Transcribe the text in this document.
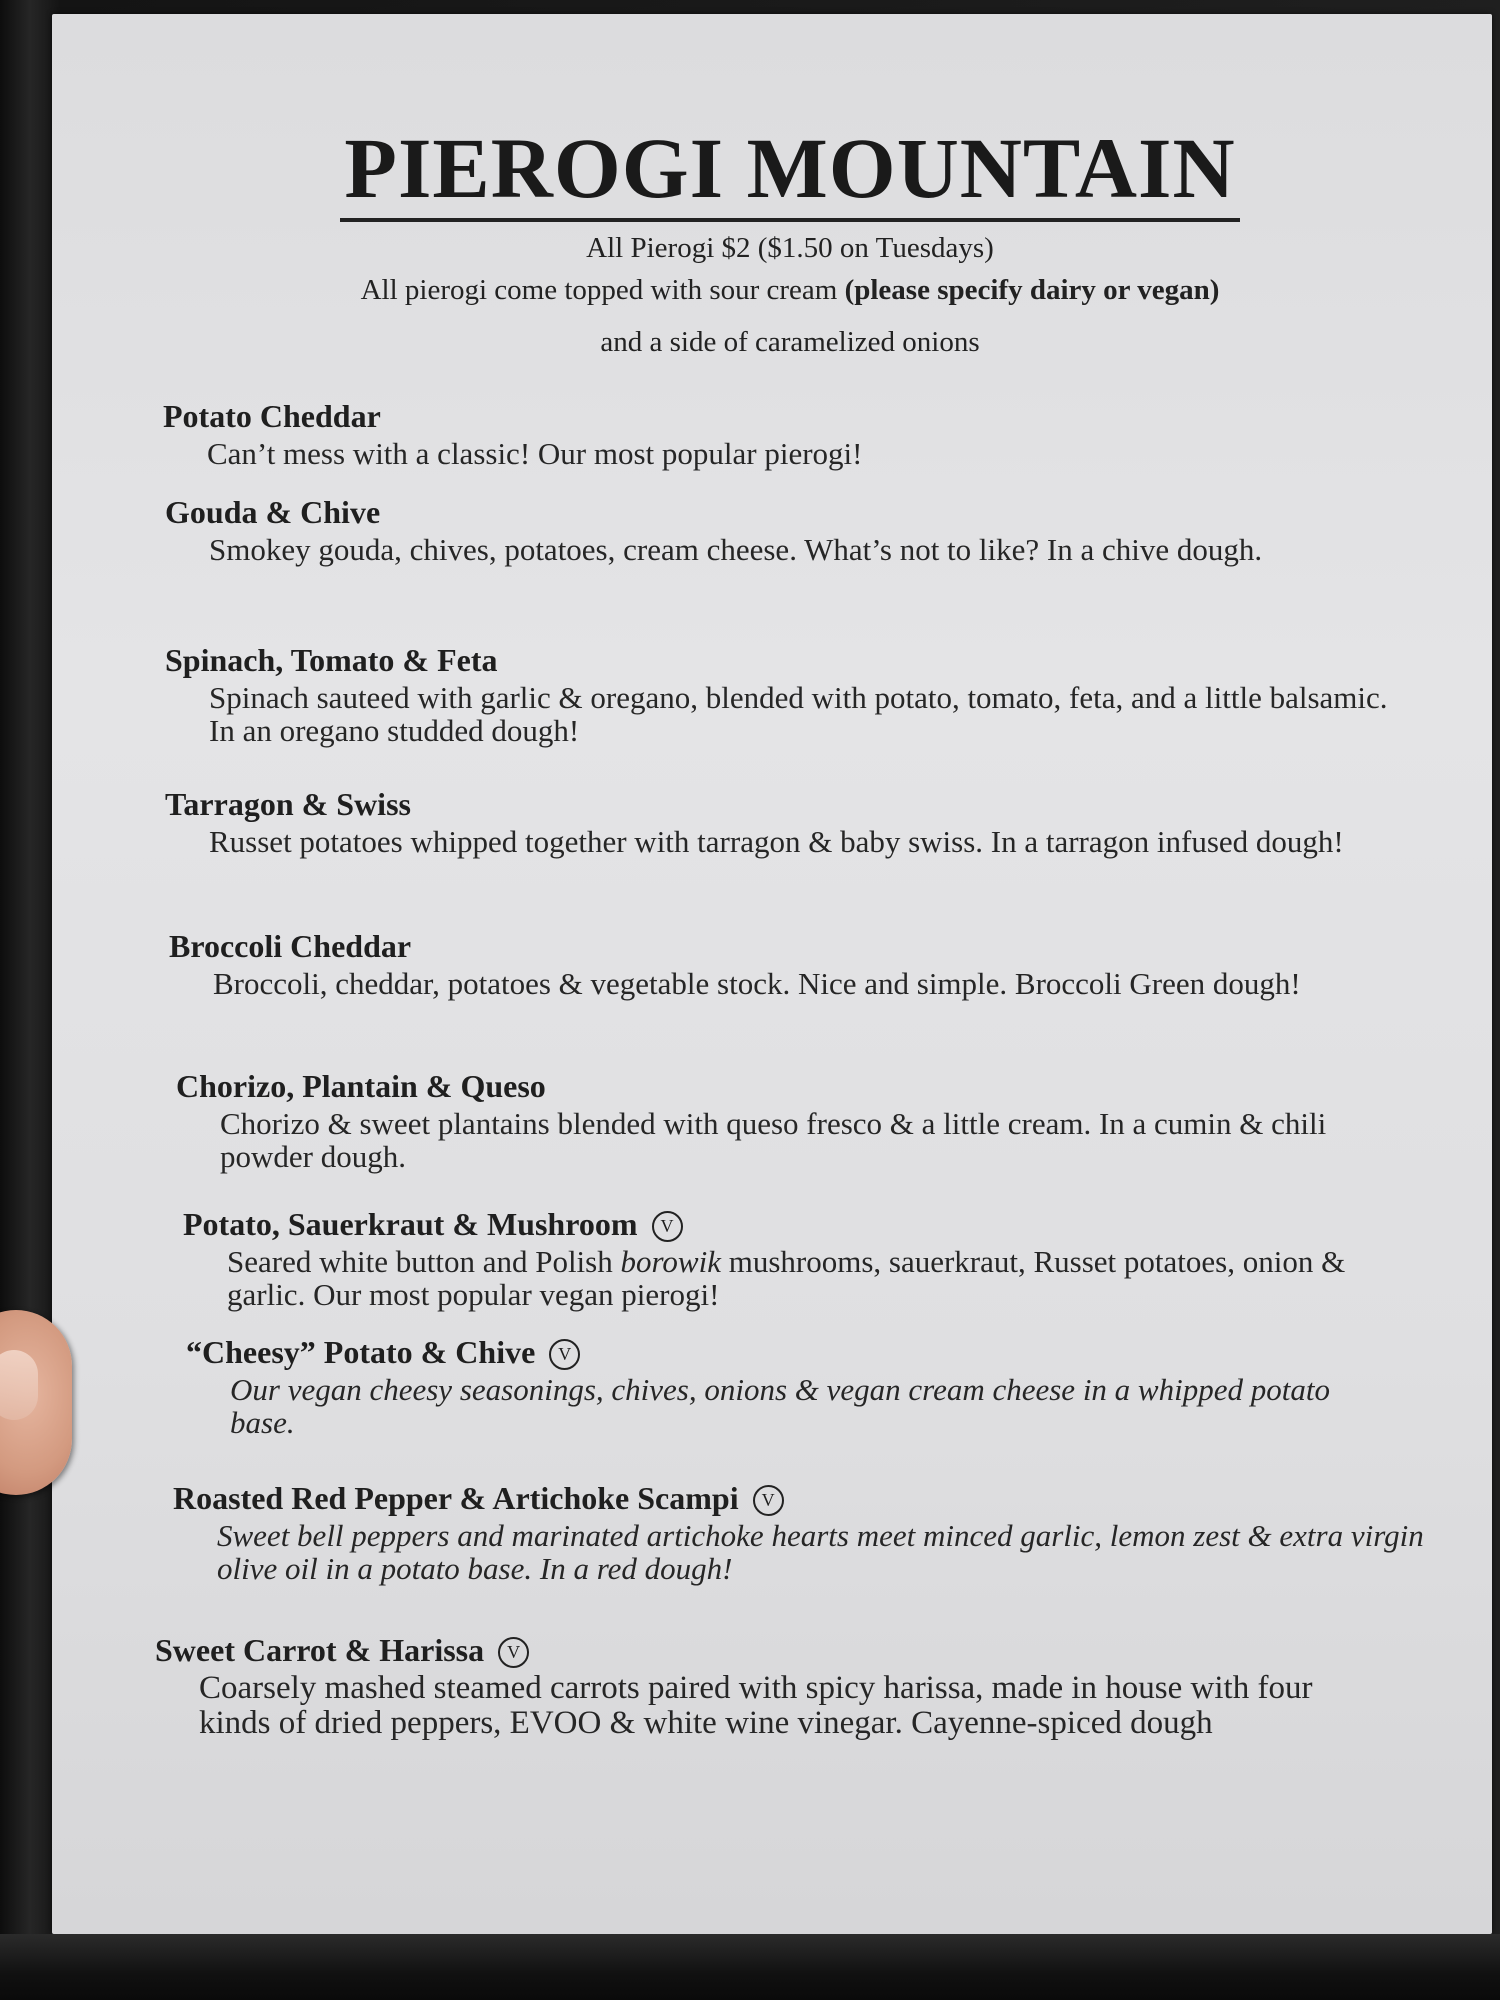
PIEROGI MOUNTAIN
All Pierogi $2 ($1.50 on Tuesdays)
All pierogi come topped with sour cream (please specify dairy or vegan)
and a side of caramelized onions

Potato Cheddar

Can’t mess with a classic! Our most popular pierogi!

Gouda & Chive

Smokey gouda, chives, potatoes, cream cheese. What’s not to like? In a chive dough.

Spinach, Tomato & Feta

Spinach sauteed with garlic & oregano, blended with potato, tomato, feta, and a little balsamic. In an oregano studded dough!

Tarragon & Swiss

Russet potatoes whipped together with tarragon & baby swiss. In a tarragon infused dough!

Broccoli Cheddar

Broccoli, cheddar, potatoes & vegetable stock. Nice and simple. Broccoli Green dough!

Chorizo, Plantain & Queso

Chorizo & sweet plantains blended with queso fresco & a little cream. In a cumin & chili powder dough.

Potato, Sauerkraut & Mushroom V

Seared white button and Polish borowik mushrooms, sauerkraut, Russet potatoes, onion & garlic. Our most popular vegan pierogi!

“Cheesy” Potato & Chive V

Our vegan cheesy seasonings, chives, onions & vegan cream cheese in a whipped potato base.

Roasted Red Pepper & Artichoke Scampi V

Sweet bell peppers and marinated artichoke hearts meet minced garlic, lemon zest & extra virgin olive oil in a potato base. In a red dough!

Sweet Carrot & Harissa V

Coarsely mashed steamed carrots paired with spicy harissa, made in house with four kinds of dried peppers, EVOO & white wine vinegar. Cayenne-spiced dough
